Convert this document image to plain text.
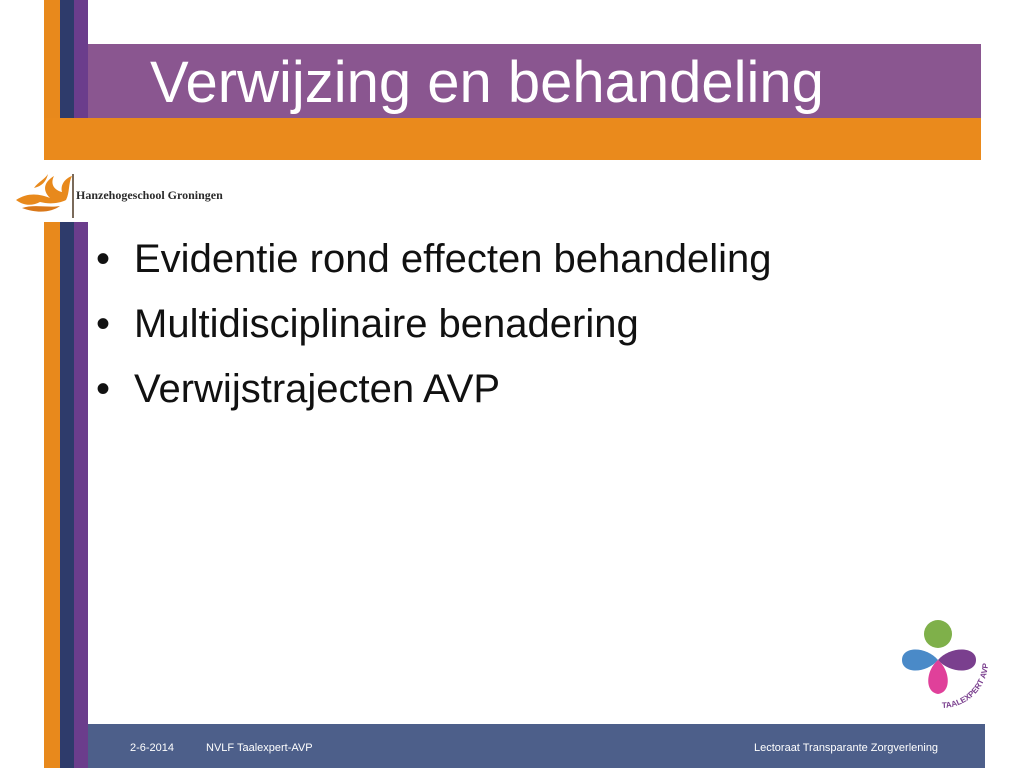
Verwijzing en behandeling
Hanzehogeschool Groningen
• Evidentie rond effecten behandeling
• Multidisciplinaire benadering
• Verwijstrajecten AVP
TAALEXPERT AVP
2-6-2014	NVLF Taalexpert-AVP	Lectoraat Transparante Zorgverlening
